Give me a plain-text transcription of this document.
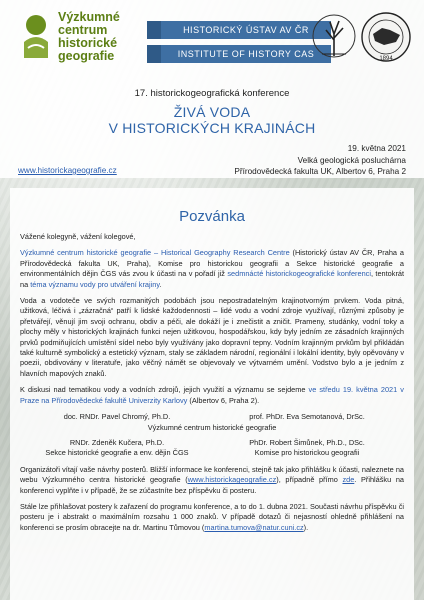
Výzkumné
centrum
historické
geografie
HISTORICKÝ ÚSTAV AV ČR
INSTITUTE OF HISTORY CAS	1894
17. historickogeografická konference
ŽIVÁ VODA
V HISTORICKÝCH KRAJINÁCH
19. května 2021
Velká geologická posluchárna
Přírodovědecká fakulta UK, Albertov 6, Praha 2
www.historickageografie.cz
Pozvánka

Vážené kolegyně, vážení kolegové,

Výzkumné centrum historické geografie – Historical Geography Research Centre (Historický ústav AV ČR, Praha a Přírodovědecká fakulta UK, Praha), Komise pro historickou geografii a Sekce historické geografie a environmentálních dějin ČGS vás zvou k účasti na v pořadí již sedmnácté historickogeografické konferenci, tentokrát na téma významu vody pro utváření krajiny.

Voda a vodoteče ve svých rozmanitých podobách jsou nepostradatelným krajinotvorným prvkem. Voda pitná, užitková, léčivá i „zázračná“ patří k lidské každodennosti – lidé vodu a vodní zdroje využívají, různými způsoby je přetvářejí, věnují jim svoji ochranu, obdiv a péči, ale dokáží je i znečistit a zničit. Prameny, studánky, vodní toky a plochy měly v historických krajinách funkci nejen užitkovou, hospodářskou, kdy byly jedním ze zásadních krajinných prvků podmiňujících umístění sídel nebo byly využívány jako dopravní tepny. Vodním krajinným prvkům byl přikládán také kulturně symbolický a estetický význam, staly se základem národní, regionální i lokální identity, byly opěvovány v poezii, obdivovány v literatuře, jako věčný námět se objevovaly ve výtvarném umění. Vodstvo bylo a je jedním z hlavních mapových znaků.

K diskusi nad tematikou vody a vodních zdrojů, jejich využití a významu se sejdeme ve středu 19. května 2021 v Praze na Přírodovědecké fakultě Univerzity Karlovy (Albertov 6, Praha 2).

doc. RNDr. Pavel Chromý, Ph.D.	prof. PhDr. Eva Semotanová, DrSc.
Výzkumné centrum historické geografie
RNDr. Zdeněk Kučera, Ph.D.	PhDr. Robert Šimůnek, Ph.D., DSc.
Sekce historické geografie a env. dějin ČGS	Komise pro historickou geografii

Organizátoři vítají vaše návrhy posterů. Bližší informace ke konferenci, stejně tak jako přihlášku k účasti, naleznete na webu Výzkumného centra historické geografie (www.historickageografie.cz), případně přímo zde. Přihlášku na konferenci vyplňte i v případě, že se zúčastníte bez příspěvku či posteru.

Stále lze přihlašovat postery k zařazení do programu konference, a to do 1. dubna 2021. Současti návrhu příspěvku či posteru je i abstrakt o maximálním rozsahu 1 000 znaků. V případě dotazů či nejasností ohledně přihlášení na konferenci se prosím obracejte na dr. Martinu Tůmovou (martina.tumova@natur.cuni.cz).
